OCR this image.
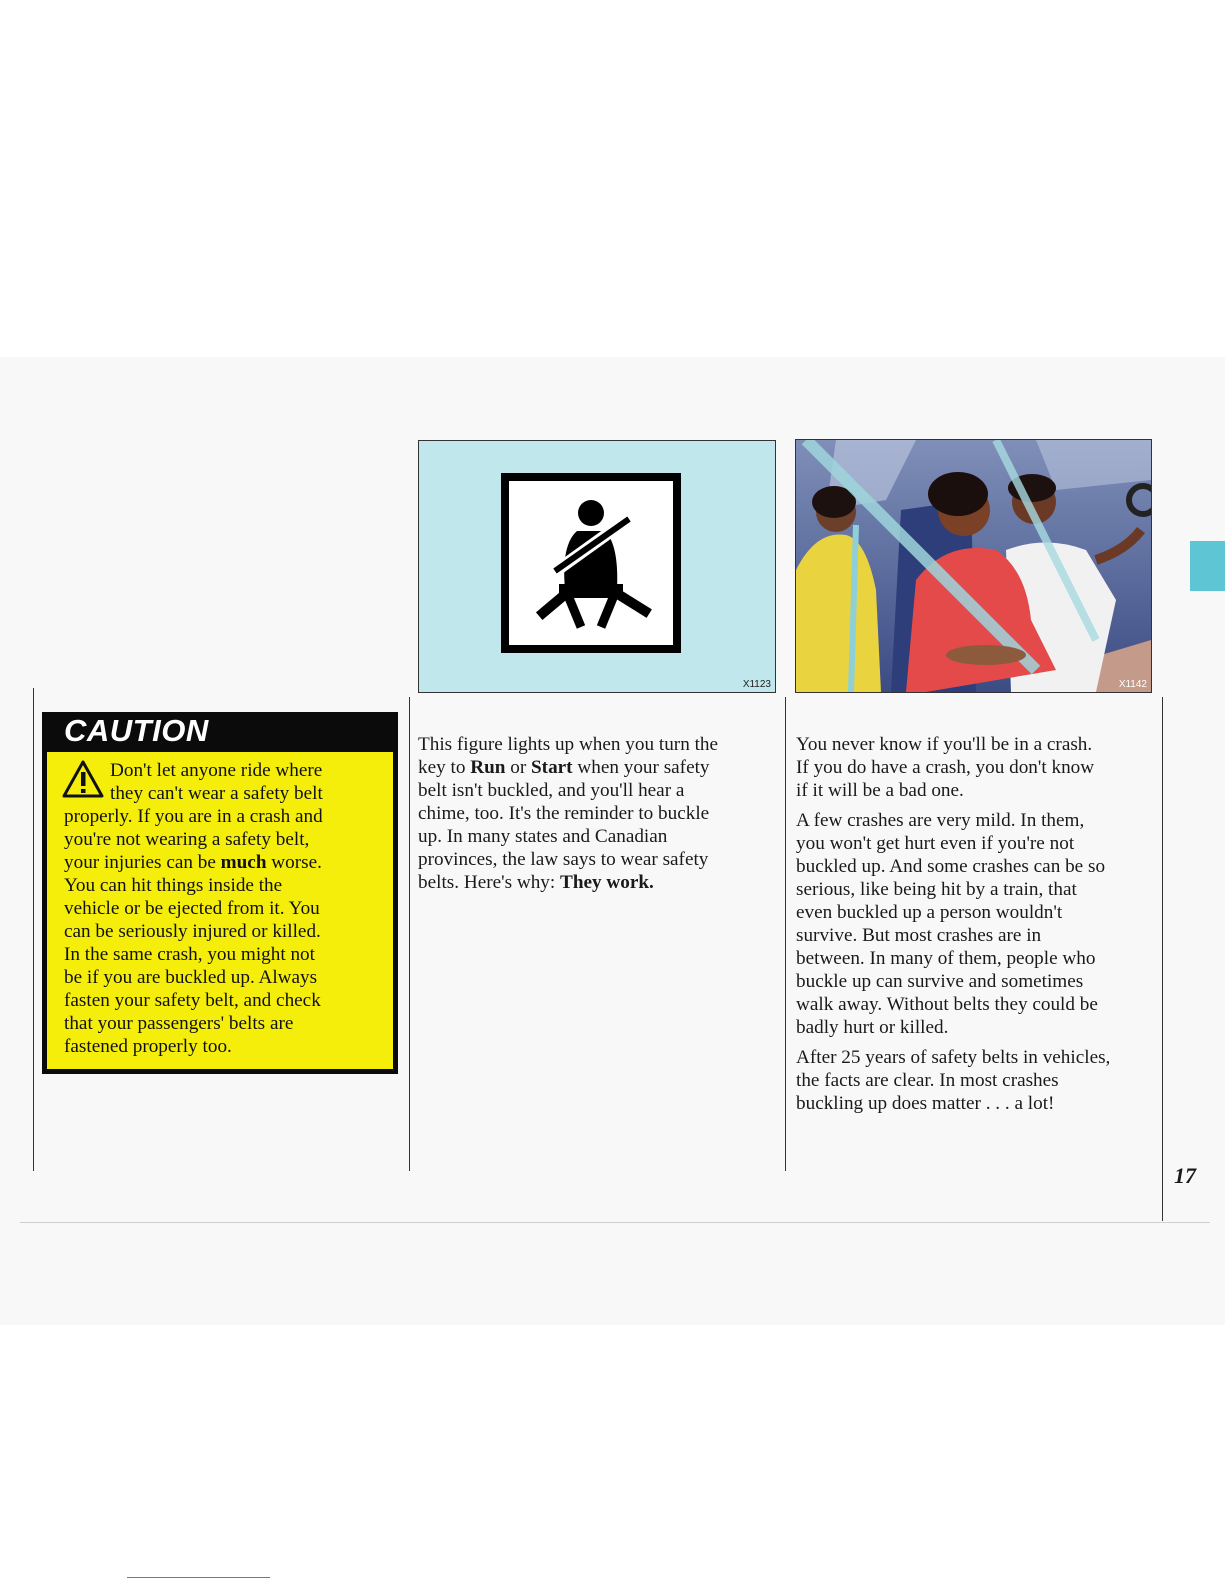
CAUTION
Don't let anyone ride where
they can't wear a safety belt
properly. If you are in a crash and
you're not wearing a safety belt,
your injuries can be much worse.
You can hit things inside the
vehicle or be ejected from it. You
can be seriously injured or killed.
In the same crash, you might not
be if you are buckled up. Always
fasten your safety belt, and check
that your passengers' belts are
fastened properly too.

X1123	X1142

This figure lights up when you turn the
key to Run or Start when your safety
belt isn't buckled, and you'll hear a
chime, too. It's the reminder to buckle
up. In many states and Canadian
provinces, the law says to wear safety
belts. Here's why: They work.

You never know if you'll be in a crash.
If you do have a crash, you don't know
if it will be a bad one.

A few crashes are very mild. In them,
you won't get hurt even if you're not
buckled up. And some crashes can be so
serious, like being hit by a train, that
even buckled up a person wouldn't
survive. But most crashes are in
between. In many of them, people who
buckle up can survive and sometimes
walk away. Without belts they could be
badly hurt or killed.

After 25 years of safety belts in vehicles,
the facts are clear. In most crashes
buckling up does matter . . . a lot!

17
